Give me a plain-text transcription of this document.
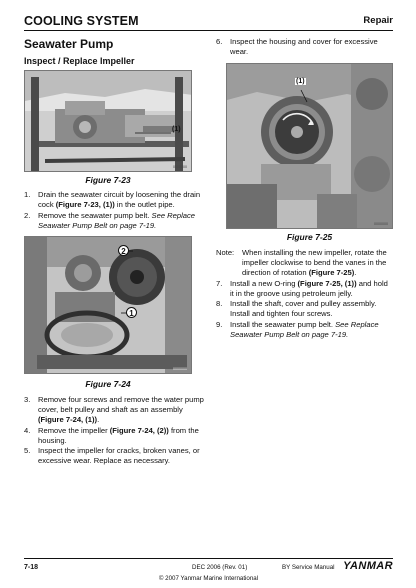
COOLING SYSTEM	Repair
Seawater Pump
Inspect / Replace Impeller
(1)
0000000
Figure 7-23
1.	Drain the seawater circuit by loosening the drain cock (Figure 7-23, (1)) in the outlet pipe.
2.	Remove the seawater pump belt. See Replace Seawater Pump Belt on page 7-19.
2
1
0000000
Figure 7-24
3.	Remove four screws and remove the water pump cover, belt pulley and shaft as an assembly (Figure 7-24, (1)).
4.	Remove the impeller (Figure 7-24, (2)) from the housing.
5.	Inspect the impeller for cracks, broken vanes, or excessive wear. Replace as necessary.
6.	Inspect the housing and cover for excessive wear.
(1)
0000000
Figure 7-25
Note:	When installing the new impeller, rotate the impeller clockwise to bend the vanes in the direction of rotation (Figure 7-25).
7.	Install a new O-ring (Figure 7-25, (1)) and hold it in the groove using petroleum jelly.
8.	Install the shaft, cover and pulley assembly. Install and tighten four screws.
9.	Install the seawater pump belt. See Replace Seawater Pump Belt on page 7-19.
7-18	DEC 2006 (Rev. 01)	BY Service Manual YANMAR
© 2007 Yanmar Marine International
